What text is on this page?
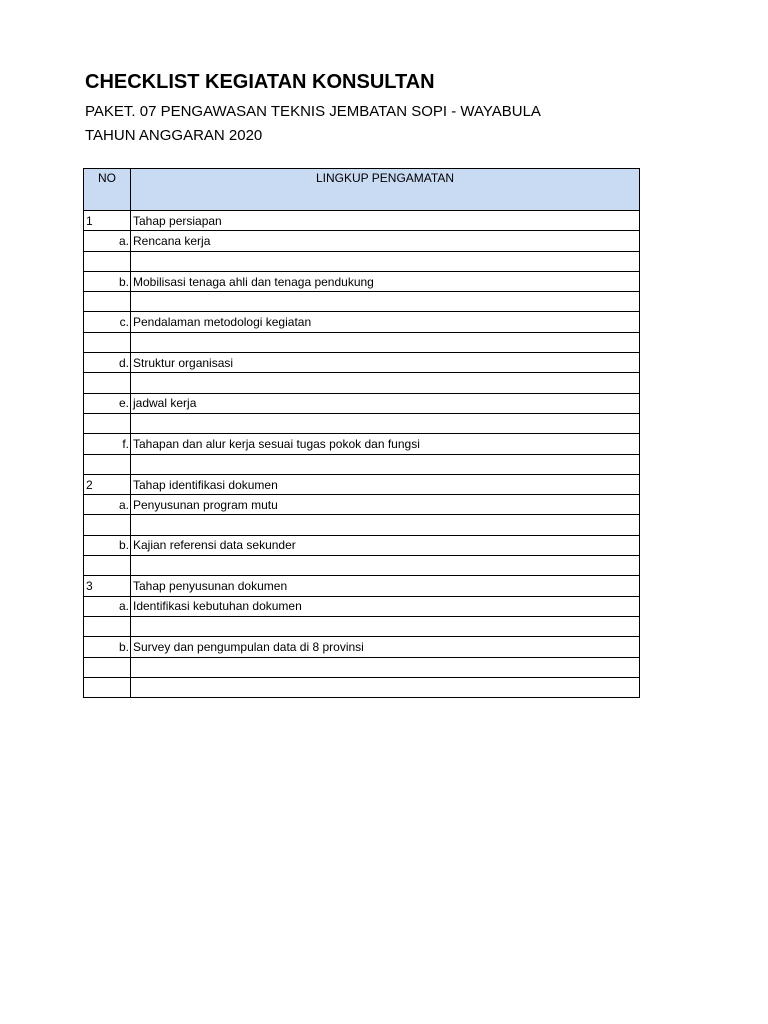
CHECKLIST KEGIATAN KONSULTAN
PAKET. 07 PENGAWASAN TEKNIS JEMBATAN SOPI - WAYABULA
TAHUN ANGGARAN 2020
NO	LINGKUP PENGAMATAN
1	Tahap persiapan
a.	Rencana kerja

b.	Mobilisasi tenaga ahli dan tenaga pendukung

c.	Pendalaman metodologi kegiatan

d.	Struktur organisasi

e.	jadwal kerja

f.	Tahapan dan alur kerja sesuai tugas pokok dan fungsi

2	Tahap identifikasi dokumen
a.	Penyusunan program mutu

b.	Kajian referensi data sekunder

3	Tahap penyusunan dokumen
a.	Identifikasi kebutuhan dokumen

b.	Survey dan pengumpulan data di 8 provinsi
